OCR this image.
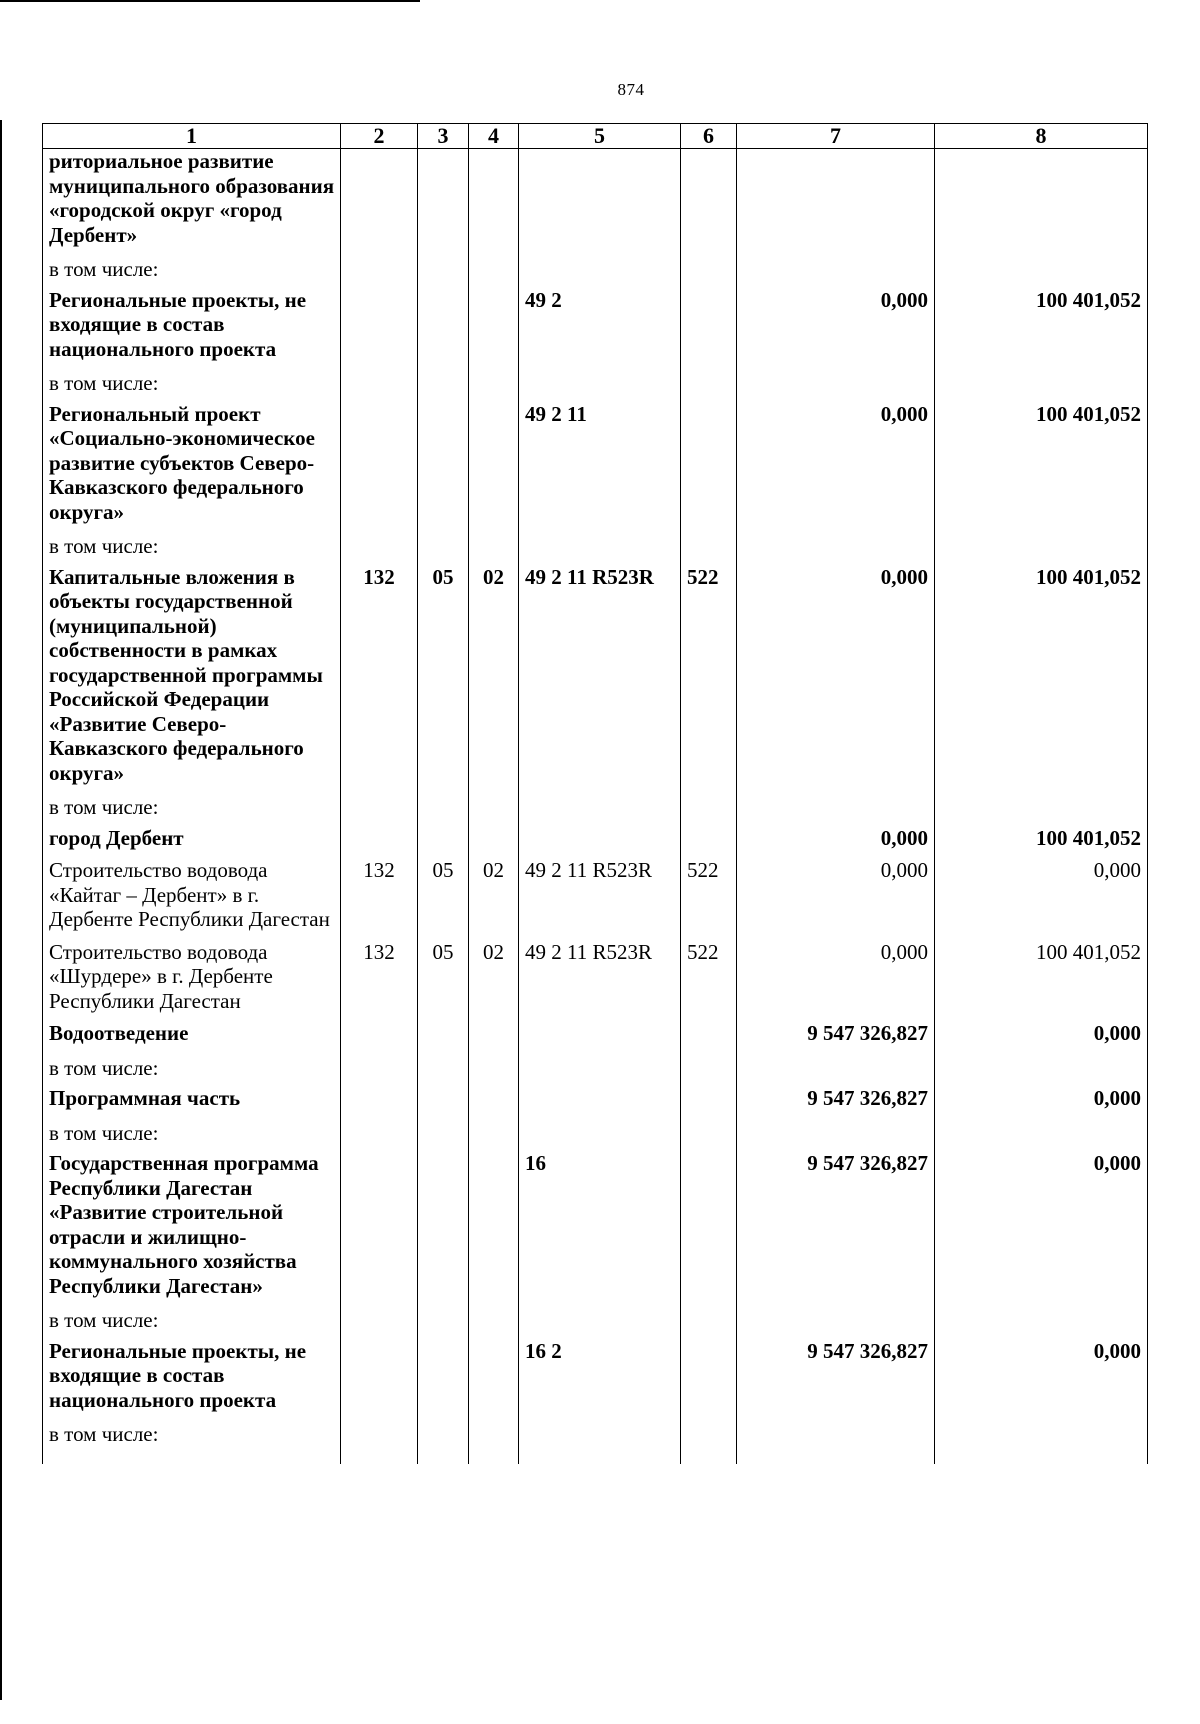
874
1	2	3	4	5	6	7	8
риториальное развитие муниципального образования «городской округ «город Дербент»							
в том числе:							
Региональные проекты, не входящие в состав национального проекта				49 2		0,000	100 401,052
в том числе:							
Региональный проект «Социально-экономическое развитие субъектов Северо-Кавказского федерального округа»				49 2 11		0,000	100 401,052
в том числе:							
Капитальные вложения в объекты государственной (муниципальной) собственности в рамках государственной программы Российской Федерации «Развитие Северо-Кавказского федерального округа»	132	05	02	49 2 11 R523R	522	0,000	100 401,052
в том числе:							
город Дербент						0,000	100 401,052
Строительство водовода «Кайтаг – Дербент» в г. Дербенте Республики Дагестан	132	05	02	49 2 11 R523R	522	0,000	0,000
Строительство водовода «Шурдере» в г. Дербенте Республики Дагестан	132	05	02	49 2 11 R523R	522	0,000	100 401,052
Водоотведение						9 547 326,827	0,000
в том числе:							
Программная часть						9 547 326,827	0,000
в том числе:							
Государственная программа Республики Дагестан «Развитие строительной отрасли и жилищно-коммунального хозяйства Республики Дагестан»				16		9 547 326,827	0,000
в том числе:							
Региональные проекты, не входящие в состав национального проекта				16 2		9 547 326,827	0,000
в том числе:							
